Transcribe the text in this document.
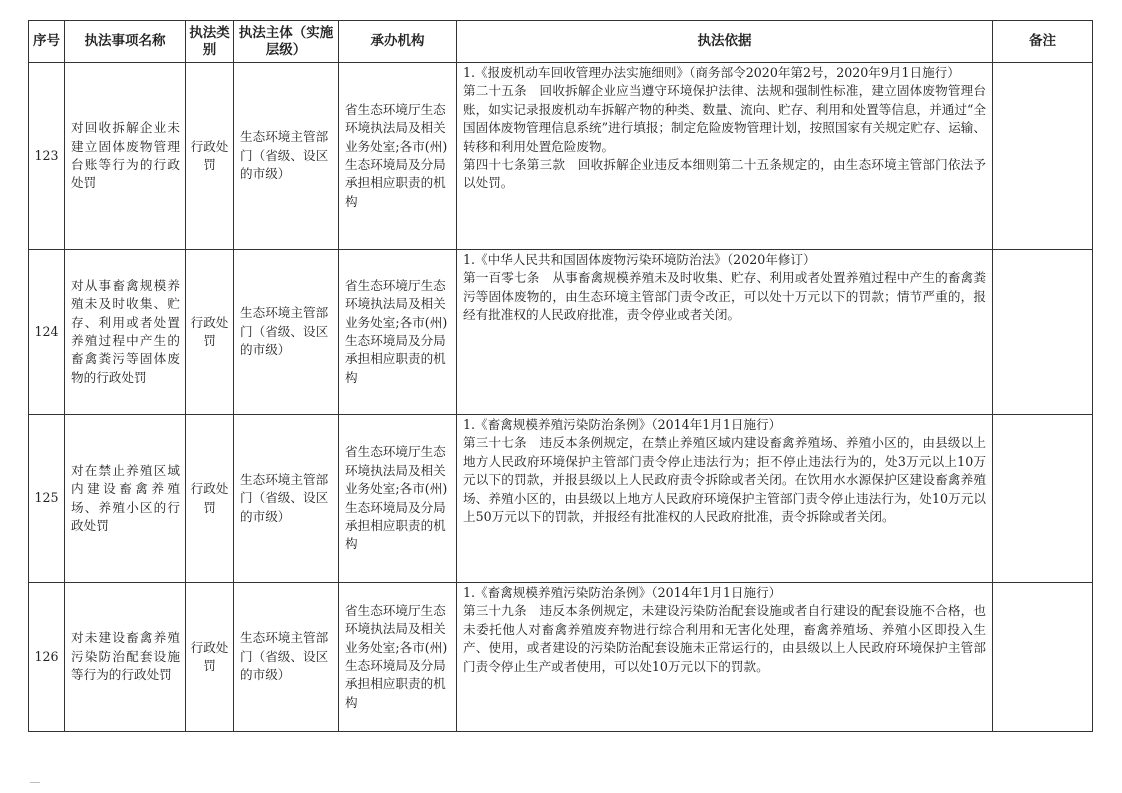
序号	执法事项名称	执法类别	执法主体（实施层级）	承办机构	执法依据	备注
123	对回收拆解企业未建立固体废物管理台账等行为的行政处罚	行政处罚	生态环境主管部门（省级、设区的市级）	省生态环境厅生态环境执法局及相关业务处室;各市(州)生态环境局及分局承担相应职责的机构	1.《报废机动车回收管理办法实施细则》（商务部令2020年第2号，2020年9月1日施行）

第二十五条　回收拆解企业应当遵守环境保护法律、法规和强制性标准，建立固体废物管理台账，如实记录报废机动车拆解产物的种类、数量、流向、贮存、利用和处置等信息，并通过“全国固体废物管理信息系统”进行填报；制定危险废物管理计划，按照国家有关规定贮存、运输、转移和利用处置危险废物。

第四十七条第三款　回收拆解企业违反本细则第二十五条规定的，由生态环境主管部门依法予以处罚。	

124	对从事畜禽规模养殖未及时收集、贮存、利用或者处置养殖过程中产生的畜禽粪污等固体废物的行政处罚	行政处罚	生态环境主管部门（省级、设区的市级）	省生态环境厅生态环境执法局及相关业务处室;各市(州)生态环境局及分局承担相应职责的机构	1.《中华人民共和国固体废物污染环境防治法》（2020年修订）

第一百零七条　从事畜禽规模养殖未及时收集、贮存、利用或者处置养殖过程中产生的畜禽粪污等固体废物的，由生态环境主管部门责令改正，可以处十万元以下的罚款；情节严重的，报经有批准权的人民政府批准，责令停业或者关闭。	

125	对在禁止养殖区域内建设畜禽养殖场、养殖小区的行政处罚	行政处罚	生态环境主管部门（省级、设区的市级）	省生态环境厅生态环境执法局及相关业务处室;各市(州)生态环境局及分局承担相应职责的机构	1.《畜禽规模养殖污染防治条例》（2014年1月1日施行）

第三十七条　违反本条例规定，在禁止养殖区域内建设畜禽养殖场、养殖小区的，由县级以上地方人民政府环境保护主管部门责令停止违法行为；拒不停止违法行为的，处3万元以上10万元以下的罚款，并报县级以上人民政府责令拆除或者关闭。在饮用水水源保护区建设畜禽养殖场、养殖小区的，由县级以上地方人民政府环境保护主管部门责令停止违法行为，处10万元以上50万元以下的罚款，并报经有批准权的人民政府批准，责令拆除或者关闭。	

126	对未建设畜禽养殖污染防治配套设施等行为的行政处罚	行政处罚	生态环境主管部门（省级、设区的市级）	省生态环境厅生态环境执法局及相关业务处室;各市(州)生态环境局及分局承担相应职责的机构	1.《畜禽规模养殖污染防治条例》（2014年1月1日施行）

第三十九条　违反本条例规定，未建设污染防治配套设施或者自行建设的配套设施不合格，也未委托他人对畜禽养殖废弃物进行综合利用和无害化处理，畜禽养殖场、养殖小区即投入生产、使用，或者建设的污染防治配套设施未正常运行的，由县级以上人民政府环境保护主管部门责令停止生产或者使用，可以处10万元以下的罚款。	
